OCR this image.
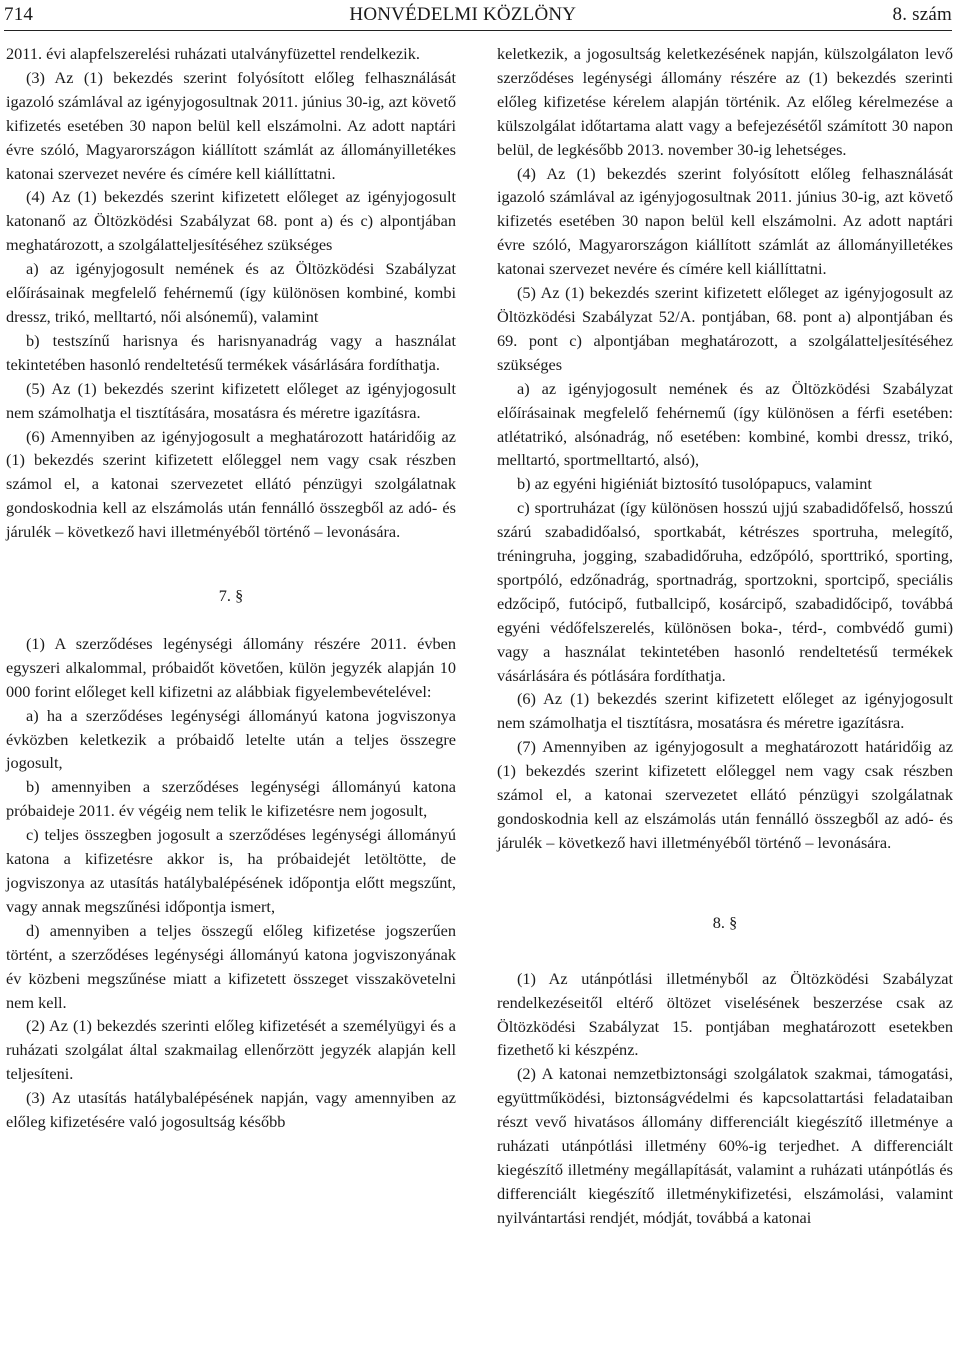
714	HONVÉDELMI KÖZLÖNY	8. szám

2011. évi alapfelszerelési ruházati utalványfüzettel rendelkezik.

(3) Az (1) bekezdés szerint folyósított előleg felhasználását igazoló számlával az igényjogosultnak 2011. június 30-ig, azt követő kifizetés esetében 30 napon belül kell elszámolni. Az adott naptári évre szóló, Magyarországon kiállított számlát az állományilletékes katonai szervezet nevére és címére kell kiállíttatni.

(4) Az (1) bekezdés szerint kifizetett előleget az igényjogosult katonanő az Öltözködési Szabályzat 68. pont a) és c) alpontjában meghatározott, a szolgálatteljesítéséhez szükséges

a) az igényjogosult nemének és az Öltözködési Szabályzat előírásainak megfelelő fehérnemű (így különösen kombiné, kombi dressz, trikó, melltartó, női alsónemű), valamint

b) testszínű harisnya és harisnyanadrág vagy a használat tekintetében hasonló rendeltetésű termékek vásárlására fordíthatja.

(5) Az (1) bekezdés szerint kifizetett előleget az igényjogosult nem számolhatja el tisztítására, mosatásra és méretre igazításra.

(6) Amennyiben az igényjogosult a meghatározott határidőig az (1) bekezdés szerint kifizetett előleggel nem vagy csak részben számol el, a katonai szervezetet ellátó pénzügyi szolgálatnak gondoskodnia kell az elszámolás után fennálló összegből az adó- és járulék – következő havi illetményéből történő – levonására.

7. §

(1) A szerződéses legénységi állomány részére 2011. évben egyszeri alkalommal, próbaidőt követően, külön jegyzék alapján 10 000 forint előleget kell kifizetni az alábbiak figyelembevételével:

a) ha a szerződéses legénységi állományú katona jogviszonya évközben keletkezik a próbaidő letelte után a teljes összegre jogosult,

b) amennyiben a szerződéses legénységi állományú katona próbaideje 2011. év végéig nem telik le kifizetésre nem jogosult,

c) teljes összegben jogosult a szerződéses legénységi állományú katona a kifizetésre akkor is, ha próbaidejét letöltötte, de jogviszonya az utasítás hatálybalépésének időpontja előtt megszűnt, vagy annak megszűnési időpontja ismert,

d) amennyiben a teljes összegű előleg kifizetése jogszerűen történt, a szerződéses legénységi állományú katona jogviszonyának év közbeni megszűnése miatt a kifizetett összeget visszakövetelni nem kell.

(2) Az (1) bekezdés szerinti előleg kifizetését a személyügyi és a ruházati szolgálat által szakmailag ellenőrzött jegyzék alapján kell teljesíteni.

(3) Az utasítás hatálybalépésének napján, vagy amennyiben az előleg kifizetésére való jogosultság később

keletkezik, a jogosultság keletkezésének napján, külszolgálaton levő szerződéses legénységi állomány részére az (1) bekezdés szerinti előleg kifizetése kérelem alapján történik. Az előleg kérelmezése a külszolgálat időtartama alatt vagy a befejezésétől számított 30 napon belül, de legkésőbb 2013. november 30-ig lehetséges.

(4) Az (1) bekezdés szerint folyósított előleg felhasználását igazoló számlával az igényjogosultnak 2011. június 30-ig, azt követő kifizetés esetében 30 napon belül kell elszámolni. Az adott naptári évre szóló, Magyarországon kiállított számlát az állományilletékes katonai szervezet nevére és címére kell kiállíttatni.

(5) Az (1) bekezdés szerint kifizetett előleget az igényjogosult az Öltözködési Szabályzat 52/A. pontjában, 68. pont a) alpontjában és 69. pont c) alpontjában meghatározott, a szolgálatteljesítéséhez szükséges

a) az igényjogosult nemének és az Öltözködési Szabályzat előírásainak megfelelő fehérnemű (így különösen a férfi esetében: atlétatrikó, alsónadrág, nő esetében: kombiné, kombi dressz, trikó, melltartó, sportmelltartó, alsó),

b) az egyéni higiéniát biztosító tusolópapucs, valamint

c) sportruházat (így különösen hosszú ujjú szabadidőfelső, hosszú szárú szabadidőalsó, sportkabát, kétrészes sportruha, melegítő, tréningruha, jogging, szabadidőruha, edzőpóló, sporttrikó, sporting, sportpóló, edzőnadrág, sportnadrág, sportzokni, sportcipő, speciális edzőcipő, futócipő, futballcipő, kosárcipő, szabadidőcipő, továbbá egyéni védőfelszerelés, különösen boka-, térd-, combvédő gumi) vagy a használat tekintetében hasonló rendeltetésű termékek vásárlására és pótlására fordíthatja.

(6) Az (1) bekezdés szerint kifizetett előleget az igényjogosult nem számolhatja el tisztításra, mosatásra és méretre igazításra.

(7) Amennyiben az igényjogosult a meghatározott határidőig az (1) bekezdés szerint kifizetett előleggel nem vagy csak részben számol el, a katonai szervezetet ellátó pénzügyi szolgálatnak gondoskodnia kell az elszámolás után fennálló összegből az adó- és járulék – következő havi illetményéből történő – levonására.

8. §

(1) Az utánpótlási illetményből az Öltözködési Szabályzat rendelkezéseitől eltérő öltözet viselésének beszerzése csak az Öltözködési Szabályzat 15. pontjában meghatározott esetekben fizethető ki készpénz.

(2) A katonai nemzetbiztonsági szolgálatok szakmai, támogatási, együttműködési, biztonságvédelmi és kapcsolattartási feladataiban részt vevő hivatásos állomány differenciált kiegészítő illetménye a ruházati utánpótlási illetmény 60%-ig terjedhet. A differenciált kiegészítő illetmény megállapítását, valamint a ruházati utánpótlás és differenciált kiegészítő illetménykifizetési, elszámolási, valamint nyilvántartási rendjét, módját, továbbá a katonai
